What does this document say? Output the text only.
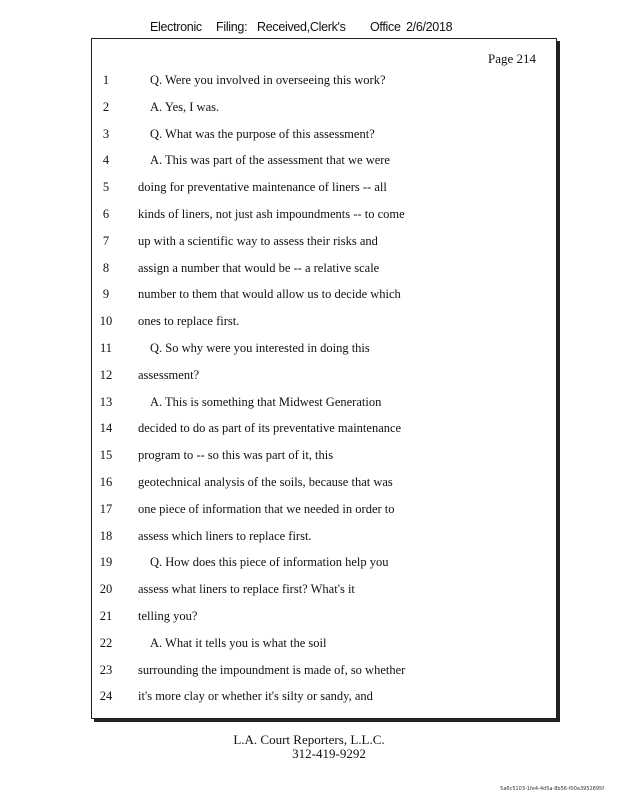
Electronic Filing: Received,Clerk's Office 2/6/2018
Page 214
1	Q. Were you involved in overseeing this work?
2	A. Yes, I was.
3	Q. What was the purpose of this assessment?
4	A. This was part of the assessment that we were
5	doing for preventative maintenance of liners -- all
6	kinds of liners, not just ash impoundments -- to come
7	up with a scientific way to assess their risks and
8	assign a number that would be -- a relative scale
9	number to them that would allow us to decide which
10	ones to replace first.
11	Q. So why were you interested in doing this
12	assessment?
13	A. This is something that Midwest Generation
14	decided to do as part of its preventative maintenance
15	program to -- so this was part of it, this
16	geotechnical analysis of the soils, because that was
17	one piece of information that we needed in order to
18	assess which liners to replace first.
19	Q. How does this piece of information help you
20	assess what liners to replace first? What's it
21	telling you?
22	A. What it tells you is what the soil
23	surrounding the impoundment is made of, so whether
24	it's more clay or whether it's silty or sandy, and
L.A. Court Reporters, L.L.C.
312-419-9292
5a6c5103-1fe4-4d5a-8b56-f00a3952895f
